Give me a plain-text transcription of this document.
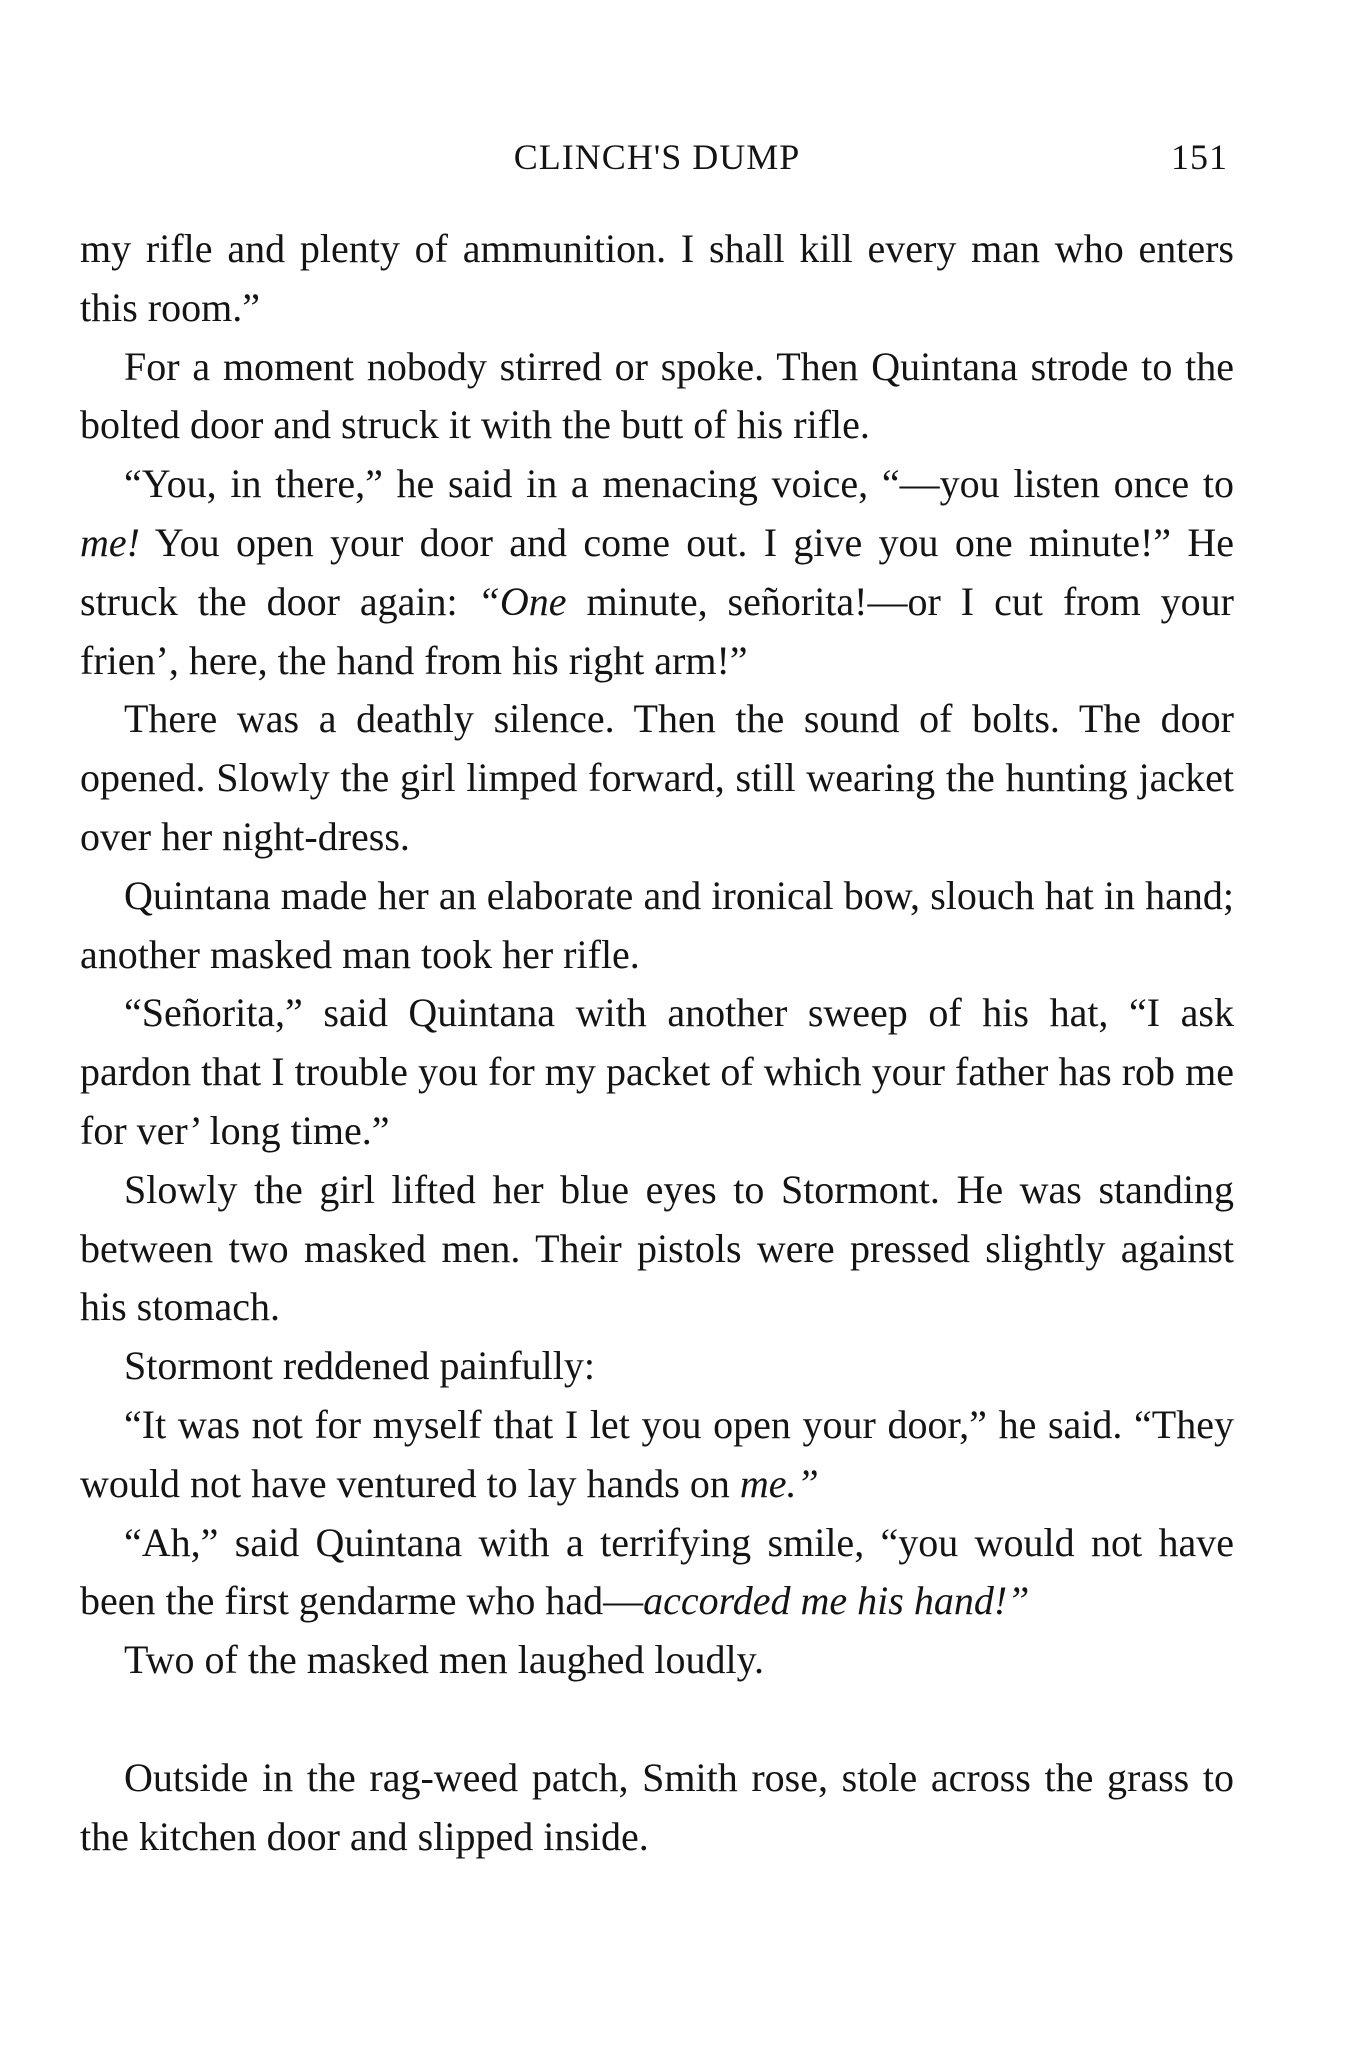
CLINCH'S DUMP	151

my rifle and plenty of ammunition. I shall kill every man who enters this room.”

For a moment nobody stirred or spoke. Then Quintana strode to the bolted door and struck it with the butt of his rifle.

“You, in there,” he said in a menacing voice, “—you listen once to me! You open your door and come out. I give you one minute!” He struck the door again: “One minute, señorita!—or I cut from your frien’, here, the hand from his right arm!”

There was a deathly silence. Then the sound of bolts. The door opened. Slowly the girl limped forward, still wearing the hunting jacket over her night-dress.

Quintana made her an elaborate and ironical bow, slouch hat in hand; another masked man took her rifle.

“Señorita,” said Quintana with another sweep of his hat, “I ask pardon that I trouble you for my packet of which your father has rob me for ver’ long time.”

Slowly the girl lifted her blue eyes to Stormont. He was standing between two masked men. Their pistols were pressed slightly against his stomach.

Stormont reddened painfully:

“It was not for myself that I let you open your door,” he said. “They would not have ventured to lay hands on me.”

“Ah,” said Quintana with a terrifying smile, “you would not have been the first gendarme who had—accorded me his hand!”

Two of the masked men laughed loudly.

Outside in the rag-weed patch, Smith rose, stole across the grass to the kitchen door and slipped inside.
